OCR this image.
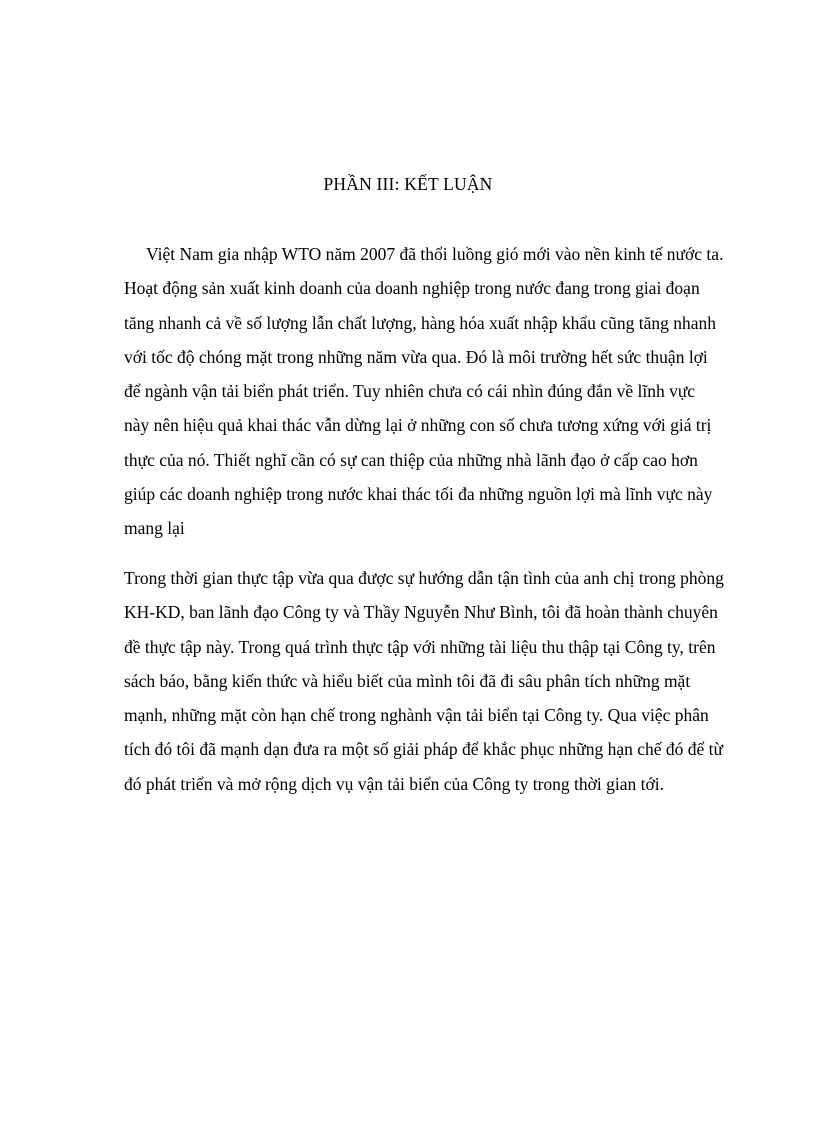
PHẦN III: KẾT LUẬN

Việt Nam gia nhập WTO năm 2007 đã thổi luồng gió mới vào nền kinh tế nước ta. Hoạt động sản xuất kinh doanh của doanh nghiệp trong nước đang trong giai đoạn tăng nhanh cả về số lượng lẫn chất lượng, hàng hóa xuất nhập khẩu cũng tăng nhanh với tốc độ chóng mặt trong những năm vừa qua. Đó là môi trường hết sức thuận lợi để ngành vận tải biển phát triển. Tuy nhiên chưa có cái nhìn đúng đắn về lĩnh vực này nên hiệu quả khai thác vẫn dừng lại ở những con số chưa tương xứng với giá trị thực của nó. Thiết nghĩ cần có sự can thiệp của những nhà lãnh đạo ở cấp cao hơn giúp các doanh nghiệp trong nước khai thác tối đa những nguồn lợi mà lĩnh vực này mang lại

Trong thời gian thực tập vừa qua được sự hướng dẫn tận tình của anh chị trong phòng KH-KD, ban lãnh đạo Công ty và Thầy Nguyễn Như Bình, tôi đã hoàn thành chuyên đề thực tập này. Trong quá trình thực tập với những tài liệu thu thập tại Công ty, trên sách báo, bằng kiến thức và hiểu biết của mình tôi đã đi sâu phân tích những mặt mạnh, những mặt còn hạn chế trong nghành vận tải biển tại Công ty. Qua việc phân tích đó tôi đã mạnh dạn đưa ra một số giải pháp để khắc phục những hạn chế đó để từ đó phát triển và mở rộng dịch vụ vận tải biển của Công ty trong thời gian tới.
